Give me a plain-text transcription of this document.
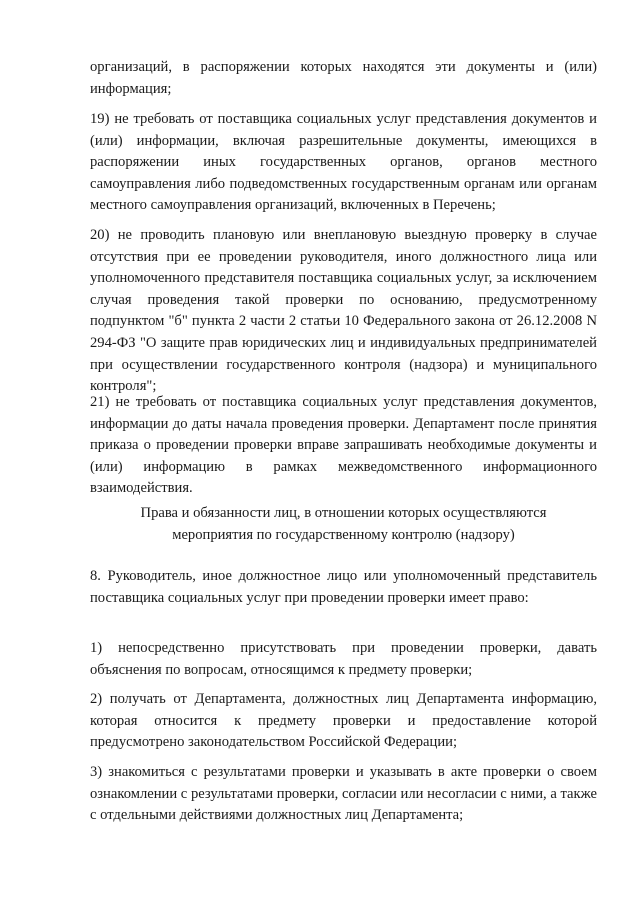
организаций, в распоряжении которых находятся эти документы и (или) информация;

19) не требовать от поставщика социальных услуг представления документов и (или) информации, включая разрешительные документы, имеющихся в распоряжении иных государственных органов, органов местного самоуправления либо подведомственных государственным органам или органам местного самоуправления организаций, включенных в Перечень;

20) не проводить плановую или внеплановую выездную проверку в случае отсутствия при ее проведении руководителя, иного должностного лица или уполномоченного представителя поставщика социальных услуг, за исключением случая проведения такой проверки по основанию, предусмотренному подпунктом "б" пункта 2 части 2 статьи 10 Федерального закона от 26.12.2008 N 294-ФЗ "О защите прав юридических лиц и индивидуальных предпринимателей при осуществлении государственного контроля (надзора) и муниципального контроля";

21) не требовать от поставщика социальных услуг представления документов, информации до даты начала проведения проверки. Департамент после принятия приказа о проведении проверки вправе запрашивать необходимые документы и (или) информацию в рамках межведомственного информационного взаимодействия.

Права и обязанности лиц, в отношении которых осуществляются
мероприятия по государственному контролю (надзору)

8. Руководитель, иное должностное лицо или уполномоченный представитель поставщика социальных услуг при проведении проверки имеет право:

1) непосредственно присутствовать при проведении проверки, давать объяснения по вопросам, относящимся к предмету проверки;

2) получать от Департамента, должностных лиц Департамента информацию, которая относится к предмету проверки и предоставление которой предусмотрено законодательством Российской Федерации;

3) знакомиться с результатами проверки и указывать в акте проверки о своем ознакомлении с результатами проверки, согласии или несогласии с ними, а также с отдельными действиями должностных лиц Департамента;
